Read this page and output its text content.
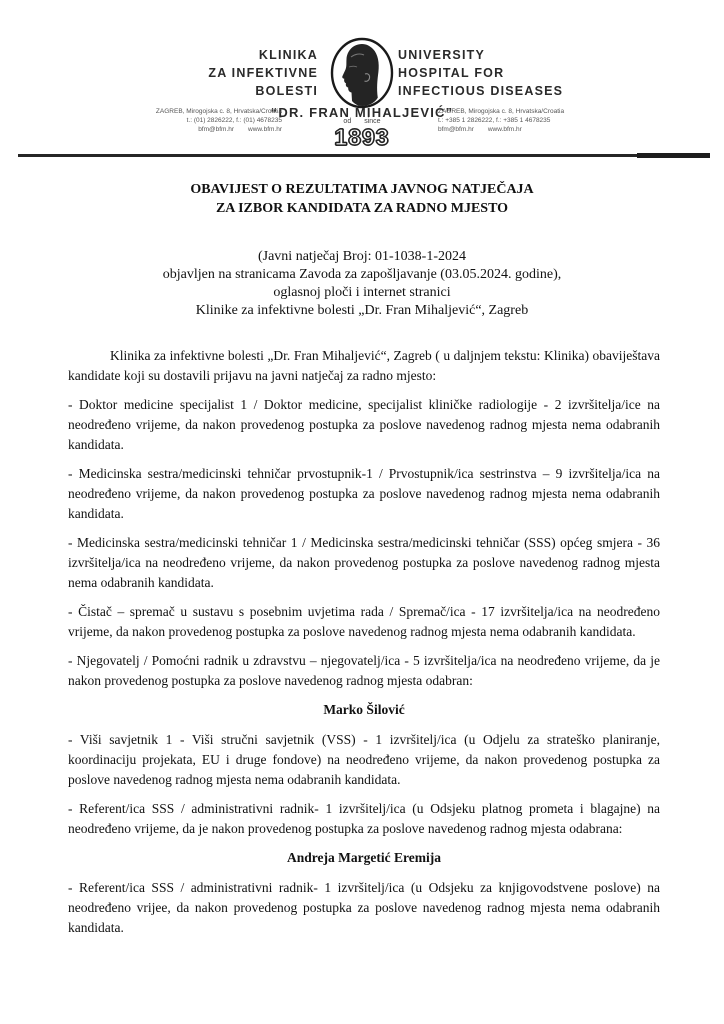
KLINIKA
ZA INFEKTIVNE
BOLESTI
UNIVERSITY
HOSPITAL FOR
INFECTIOUS DISEASES
“DR. FRAN MIHALJEVIĆ”
ZAGREB, Mirogojska c. 8, Hrvatska/Croatia
t.: (01) 2826222, f.: (01) 4678235
bfm@bfm.hr www.bfm.hr
ZAGREB, Mirogojska c. 8, Hrvatska/Croatia
t.: +385 1 2826222, f.: +385 1 4678235
bfm@bfm.hr www.bfm.hr
od since
1893
OBAVIJEST O REZULTATIMA JAVNOG NATJEČAJA
ZA IZBOR KANDIDATA ZA RADNO MJESTO
(Javni natječaj Broj: 01-1038-1-2024
objavljen na stranicama Zavoda za zapošljavanje (03.05.2024. godine),
oglasnoj ploči i internet stranici
Klinike za infektivne bolesti „Dr. Fran Mihaljević“, Zagreb
Klinika za infektivne bolesti „Dr. Fran Mihaljević“, Zagreb ( u daljnjem tekstu: Klinika) obaviještava kandidate koji su dostavili prijavu na javni natječaj za radno mjesto:
- Doktor medicine specijalist 1 / Doktor medicine, specijalist kliničke radiologije - 2 izvršitelja/ice na neodređeno vrijeme, da nakon provedenog postupka za poslove navedenog radnog mjesta nema odabranih kandidata.
- Medicinska sestra/medicinski tehničar prvostupnik-1 / Prvostupnik/ica sestrinstva – 9 izvršitelja/ica na neodređeno vrijeme, da nakon provedenog postupka za poslove navedenog radnog mjesta nema odabranih kandidata.
- Medicinska sestra/medicinski tehničar 1 / Medicinska sestra/medicinski tehničar (SSS) općeg smjera - 36 izvršitelja/ica na neodređeno vrijeme, da nakon provedenog postupka za poslove navedenog radnog mjesta nema odabranih kandidata.
- Čistač – spremač u sustavu s posebnim uvjetima rada / Spremač/ica - 17 izvršitelja/ica na neodređeno vrijeme, da nakon provedenog postupka za poslove navedenog radnog mjesta nema odabranih kandidata.
- Njegovatelj / Pomoćni radnik u zdravstvu – njegovatelj/ica - 5 izvršitelja/ica na neodređeno vrijeme, da je nakon provedenog postupka za poslove navedenog radnog mjesta odabran:
Marko Šilović
- Viši savjetnik 1 - Viši stručni savjetnik (VSS) - 1 izvršitelj/ica (u Odjelu za strateško planiranje, koordinaciju projekata, EU i druge fondove) na neodređeno vrijeme, da nakon provedenog postupka za poslove navedenog radnog mjesta nema odabranih kandidata.
- Referent/ica SSS / administrativni radnik- 1 izvršitelj/ica (u Odsjeku platnog prometa i blagajne) na neodređeno vrijeme, da je nakon provedenog postupka za poslove navedenog radnog mjesta odabrana:
Andreja Margetić Eremija
- Referent/ica SSS / administrativni radnik- 1 izvršitelj/ica (u Odsjeku za knjigovodstvene poslove) na neodređeno vrijee, da nakon provedenog postupka za poslove navedenog radnog mjesta nema odabranih kandidata.
